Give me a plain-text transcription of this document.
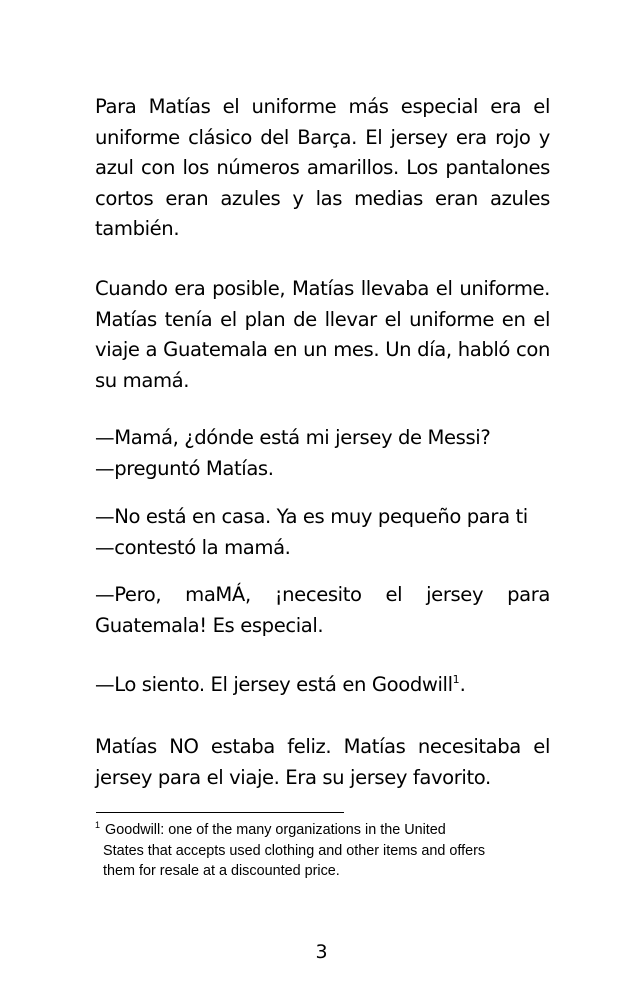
Para Matías el uniforme más especial era el uniforme clásico del Barça. El jersey era rojo y azul con los números amarillos. Los pantalones cortos eran azules y las medias eran azules también.

Cuando era posible, Matías llevaba el uniforme. Matías tenía el plan de llevar el uniforme en el viaje a Guatemala en un mes. Un día, habló con su mamá.

—Mamá, ¿dónde está mi jersey de Messi?
—preguntó Matías.
—No está en casa. Ya es muy pequeño para ti
—contestó la mamá.

—Pero, maMÁ, ¡necesito el jersey para Guatemala! Es especial.

—Lo siento. El jersey está en Goodwill$^1$.

Matías NO estaba feliz. Matías necesitaba el jersey para el viaje. Era su jersey favorito.

$^1$ Goodwill: one of the many organizations in the United
States that accepts used clothing and other items and offers
them for resale at a discounted price.
3
